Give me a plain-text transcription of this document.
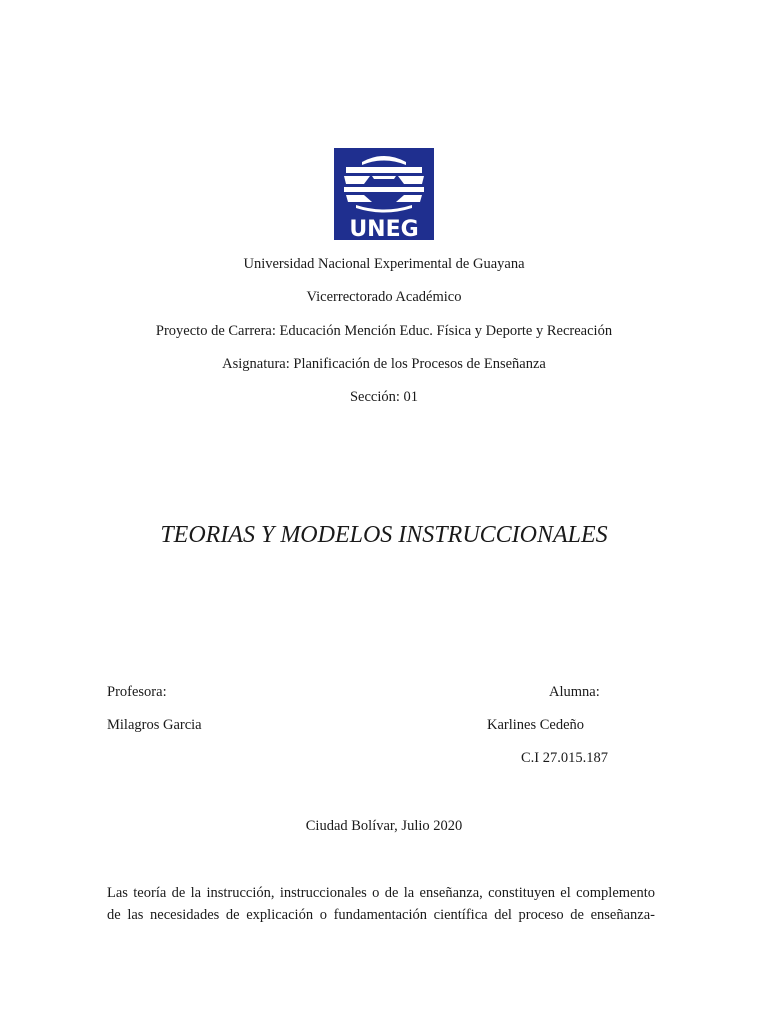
UNEG
Universidad Nacional Experimental de Guayana
Vicerrectorado Académico
Proyecto de Carrera: Educación Mención Educ. Física y Deporte y Recreación
Asignatura: Planificación de los Procesos de Enseñanza
Sección: 01
TEORIAS Y MODELOS INSTRUCCIONALES
Profesora:	Alumna:
Milagros Garcia	Karlines Cedeño
C.I 27.015.187
Ciudad Bolívar, Julio 2020
Las teoría de la instrucción, instruccionales o de la enseñanza, constituyen el complemento
de las necesidades de explicación o fundamentación científica del proceso de enseñanza-
